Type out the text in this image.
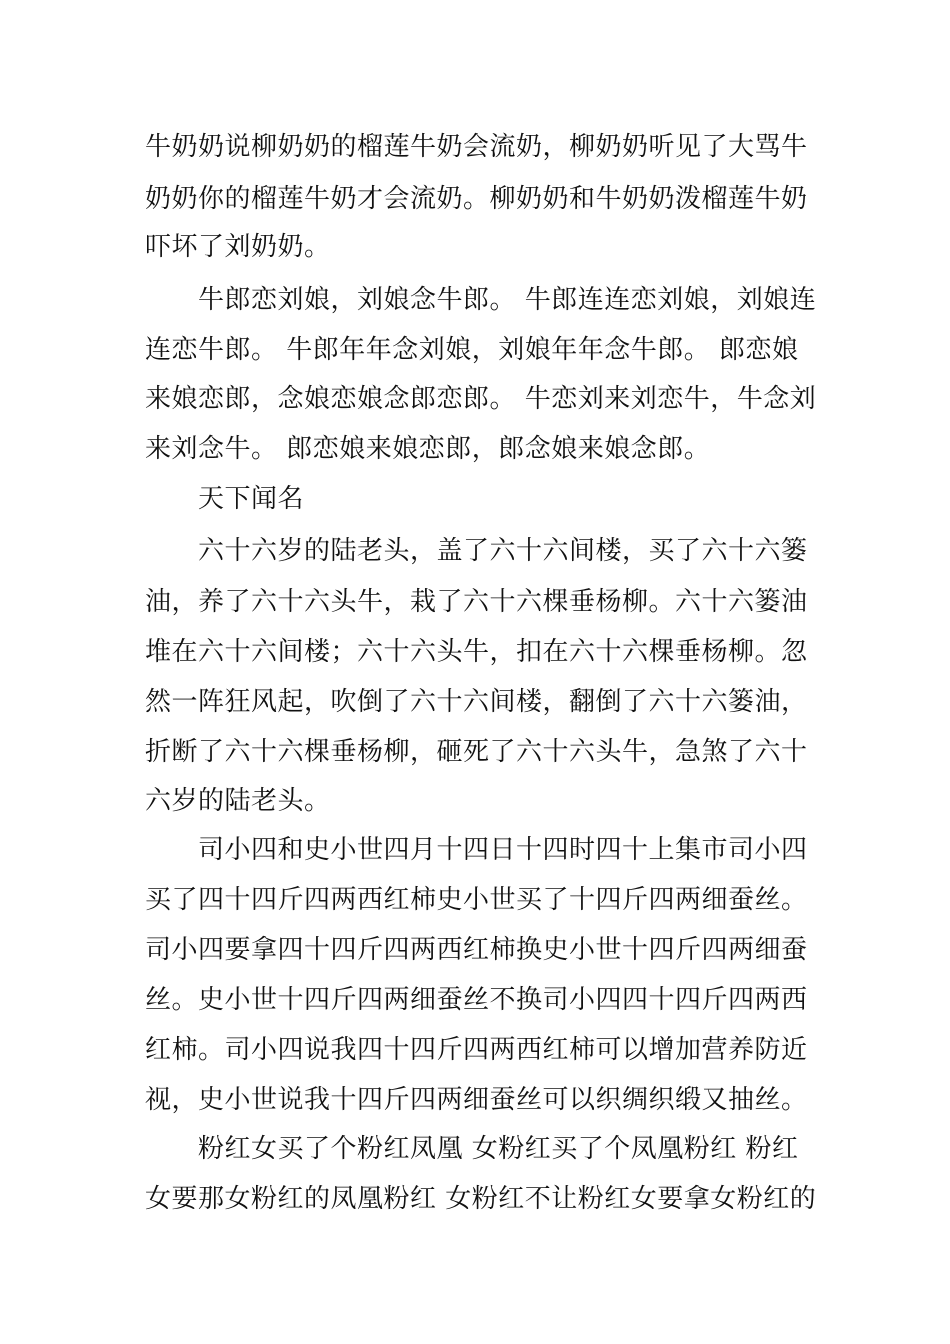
牛奶奶说柳奶奶的榴莲牛奶会流奶，柳奶奶听见了大骂牛

奶奶你的榴莲牛奶才会流奶。柳奶奶和牛奶奶泼榴莲牛奶

吓坏了刘奶奶。

　　牛郎恋刘娘，刘娘念牛郎。 牛郎连连恋刘娘，刘娘连

连恋牛郎。 牛郎年年念刘娘，刘娘年年念牛郎。 郎恋娘

来娘恋郎，念娘恋娘念郎恋郎。 牛恋刘来刘恋牛，牛念刘

来刘念牛。 郎恋娘来娘恋郎，郎念娘来娘念郎。

　　天下闻名

　　六十六岁的陆老头，盖了六十六间楼，买了六十六篓

油，养了六十六头牛，栽了六十六棵垂杨柳。六十六篓油

堆在六十六间楼；六十六头牛，扣在六十六棵垂杨柳。忽

然一阵狂风起，吹倒了六十六间楼，翻倒了六十六篓油，

折断了六十六棵垂杨柳，砸死了六十六头牛，急煞了六十

六岁的陆老头。

　　司小四和史小世四月十四日十四时四十上集市司小四

买了四十四斤四两西红柿史小世买了十四斤四两细蚕丝。

司小四要拿四十四斤四两西红柿换史小世十四斤四两细蚕

丝。史小世十四斤四两细蚕丝不换司小四四十四斤四两西

红柿。司小四说我四十四斤四两西红柿可以增加营养防近

视，史小世说我十四斤四两细蚕丝可以织绸织缎又抽丝。

　　粉红女买了个粉红凤凰 女粉红买了个凤凰粉红 粉红

女要那女粉红的凤凰粉红 女粉红不让粉红女要拿女粉红的
